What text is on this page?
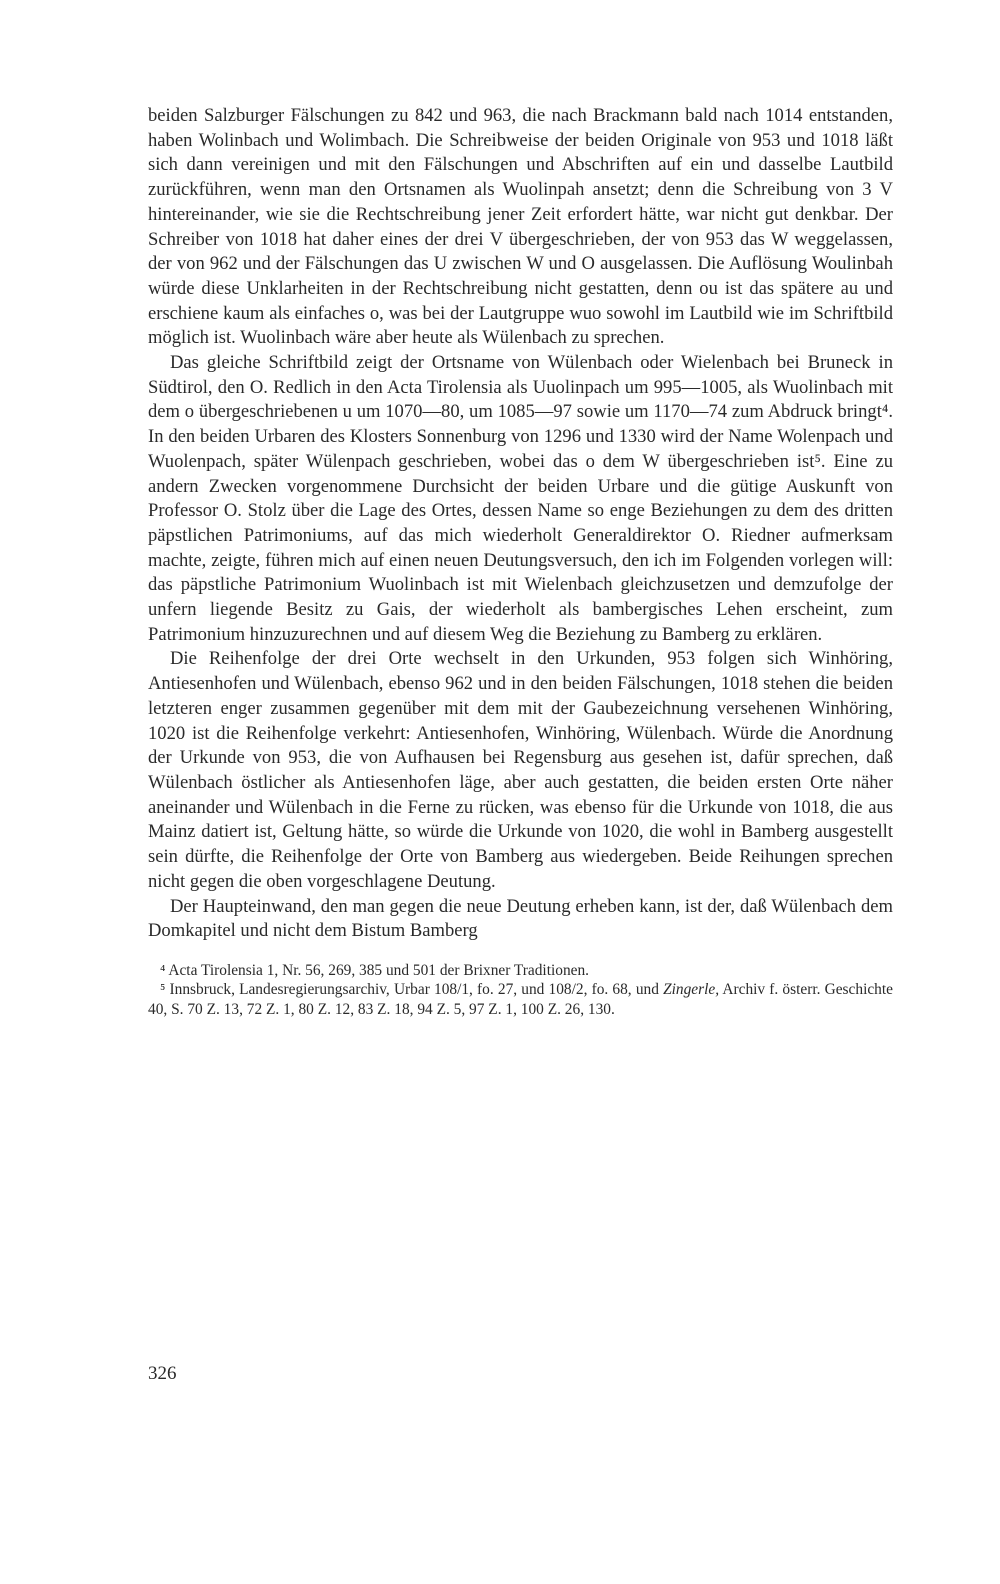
beiden Salzburger Fälschungen zu 842 und 963, die nach Brackmann bald nach 1014 entstanden, haben Wolinbach und Wolimbach. Die Schreibweise der beiden Originale von 953 und 1018 läßt sich dann vereinigen und mit den Fälschungen und Abschriften auf ein und dasselbe Lautbild zurückführen, wenn man den Ortsnamen als Wuolinpah ansetzt; denn die Schreibung von 3 V hintereinander, wie sie die Rechtschreibung jener Zeit erfordert hätte, war nicht gut denkbar. Der Schreiber von 1018 hat daher eines der drei V übergeschrieben, der von 953 das W weggelassen, der von 962 und der Fälschungen das U zwischen W und O ausgelassen. Die Auflösung Woulinbah würde diese Unklarheiten in der Rechtschreibung nicht gestatten, denn ou ist das spätere au und erschiene kaum als einfaches o, was bei der Lautgruppe wuo sowohl im Lautbild wie im Schriftbild möglich ist. Wuolinbach wäre aber heute als Wülenbach zu sprechen.

Das gleiche Schriftbild zeigt der Ortsname von Wülenbach oder Wielenbach bei Bruneck in Südtirol, den O. Redlich in den Acta Tirolensia als Uuolinpach um 995—1005, als Wuolinbach mit dem o übergeschriebenen u um 1070—80, um 1085—97 sowie um 1170—74 zum Abdruck bringt⁴. In den beiden Urbaren des Klosters Sonnenburg von 1296 und 1330 wird der Name Wolenpach und Wuolenpach, später Wülenpach geschrieben, wobei das o dem W übergeschrieben ist⁵. Eine zu andern Zwecken vorgenommene Durchsicht der beiden Urbare und die gütige Auskunft von Professor O. Stolz über die Lage des Ortes, dessen Name so enge Beziehungen zu dem des dritten päpstlichen Patrimoniums, auf das mich wiederholt Generaldirektor O. Riedner aufmerksam machte, zeigte, führen mich auf einen neuen Deutungsversuch, den ich im Folgenden vorlegen will: das päpstliche Patrimonium Wuolinbach ist mit Wielenbach gleichzusetzen und demzufolge der unfern liegende Besitz zu Gais, der wiederholt als bambergisches Lehen erscheint, zum Patrimonium hinzuzurechnen und auf diesem Weg die Beziehung zu Bamberg zu erklären.

Die Reihenfolge der drei Orte wechselt in den Urkunden, 953 folgen sich Winhöring, Antiesenhofen und Wülenbach, ebenso 962 und in den beiden Fälschungen, 1018 stehen die beiden letzteren enger zusammen gegenüber mit dem mit der Gaubezeichnung versehenen Winhöring, 1020 ist die Reihenfolge verkehrt: Antiesenhofen, Winhöring, Wülenbach. Würde die Anordnung der Urkunde von 953, die von Aufhausen bei Regensburg aus gesehen ist, dafür sprechen, daß Wülenbach östlicher als Antiesenhofen läge, aber auch gestatten, die beiden ersten Orte näher aneinander und Wülenbach in die Ferne zu rücken, was ebenso für die Urkunde von 1018, die aus Mainz datiert ist, Geltung hätte, so würde die Urkunde von 1020, die wohl in Bamberg ausgestellt sein dürfte, die Reihenfolge der Orte von Bamberg aus wiedergeben. Beide Reihungen sprechen nicht gegen die oben vorgeschlagene Deutung.

Der Haupteinwand, den man gegen die neue Deutung erheben kann, ist der, daß Wülenbach dem Domkapitel und nicht dem Bistum Bamberg

⁴ Acta Tirolensia 1, Nr. 56, 269, 385 und 501 der Brixner Traditionen.

⁵ Innsbruck, Landesregierungsarchiv, Urbar 108/1, fo. 27, und 108/2, fo. 68, und Zingerle, Archiv f. österr. Geschichte 40, S. 70 Z. 13, 72 Z. 1, 80 Z. 12, 83 Z. 18, 94 Z. 5, 97 Z. 1, 100 Z. 26, 130.

326
